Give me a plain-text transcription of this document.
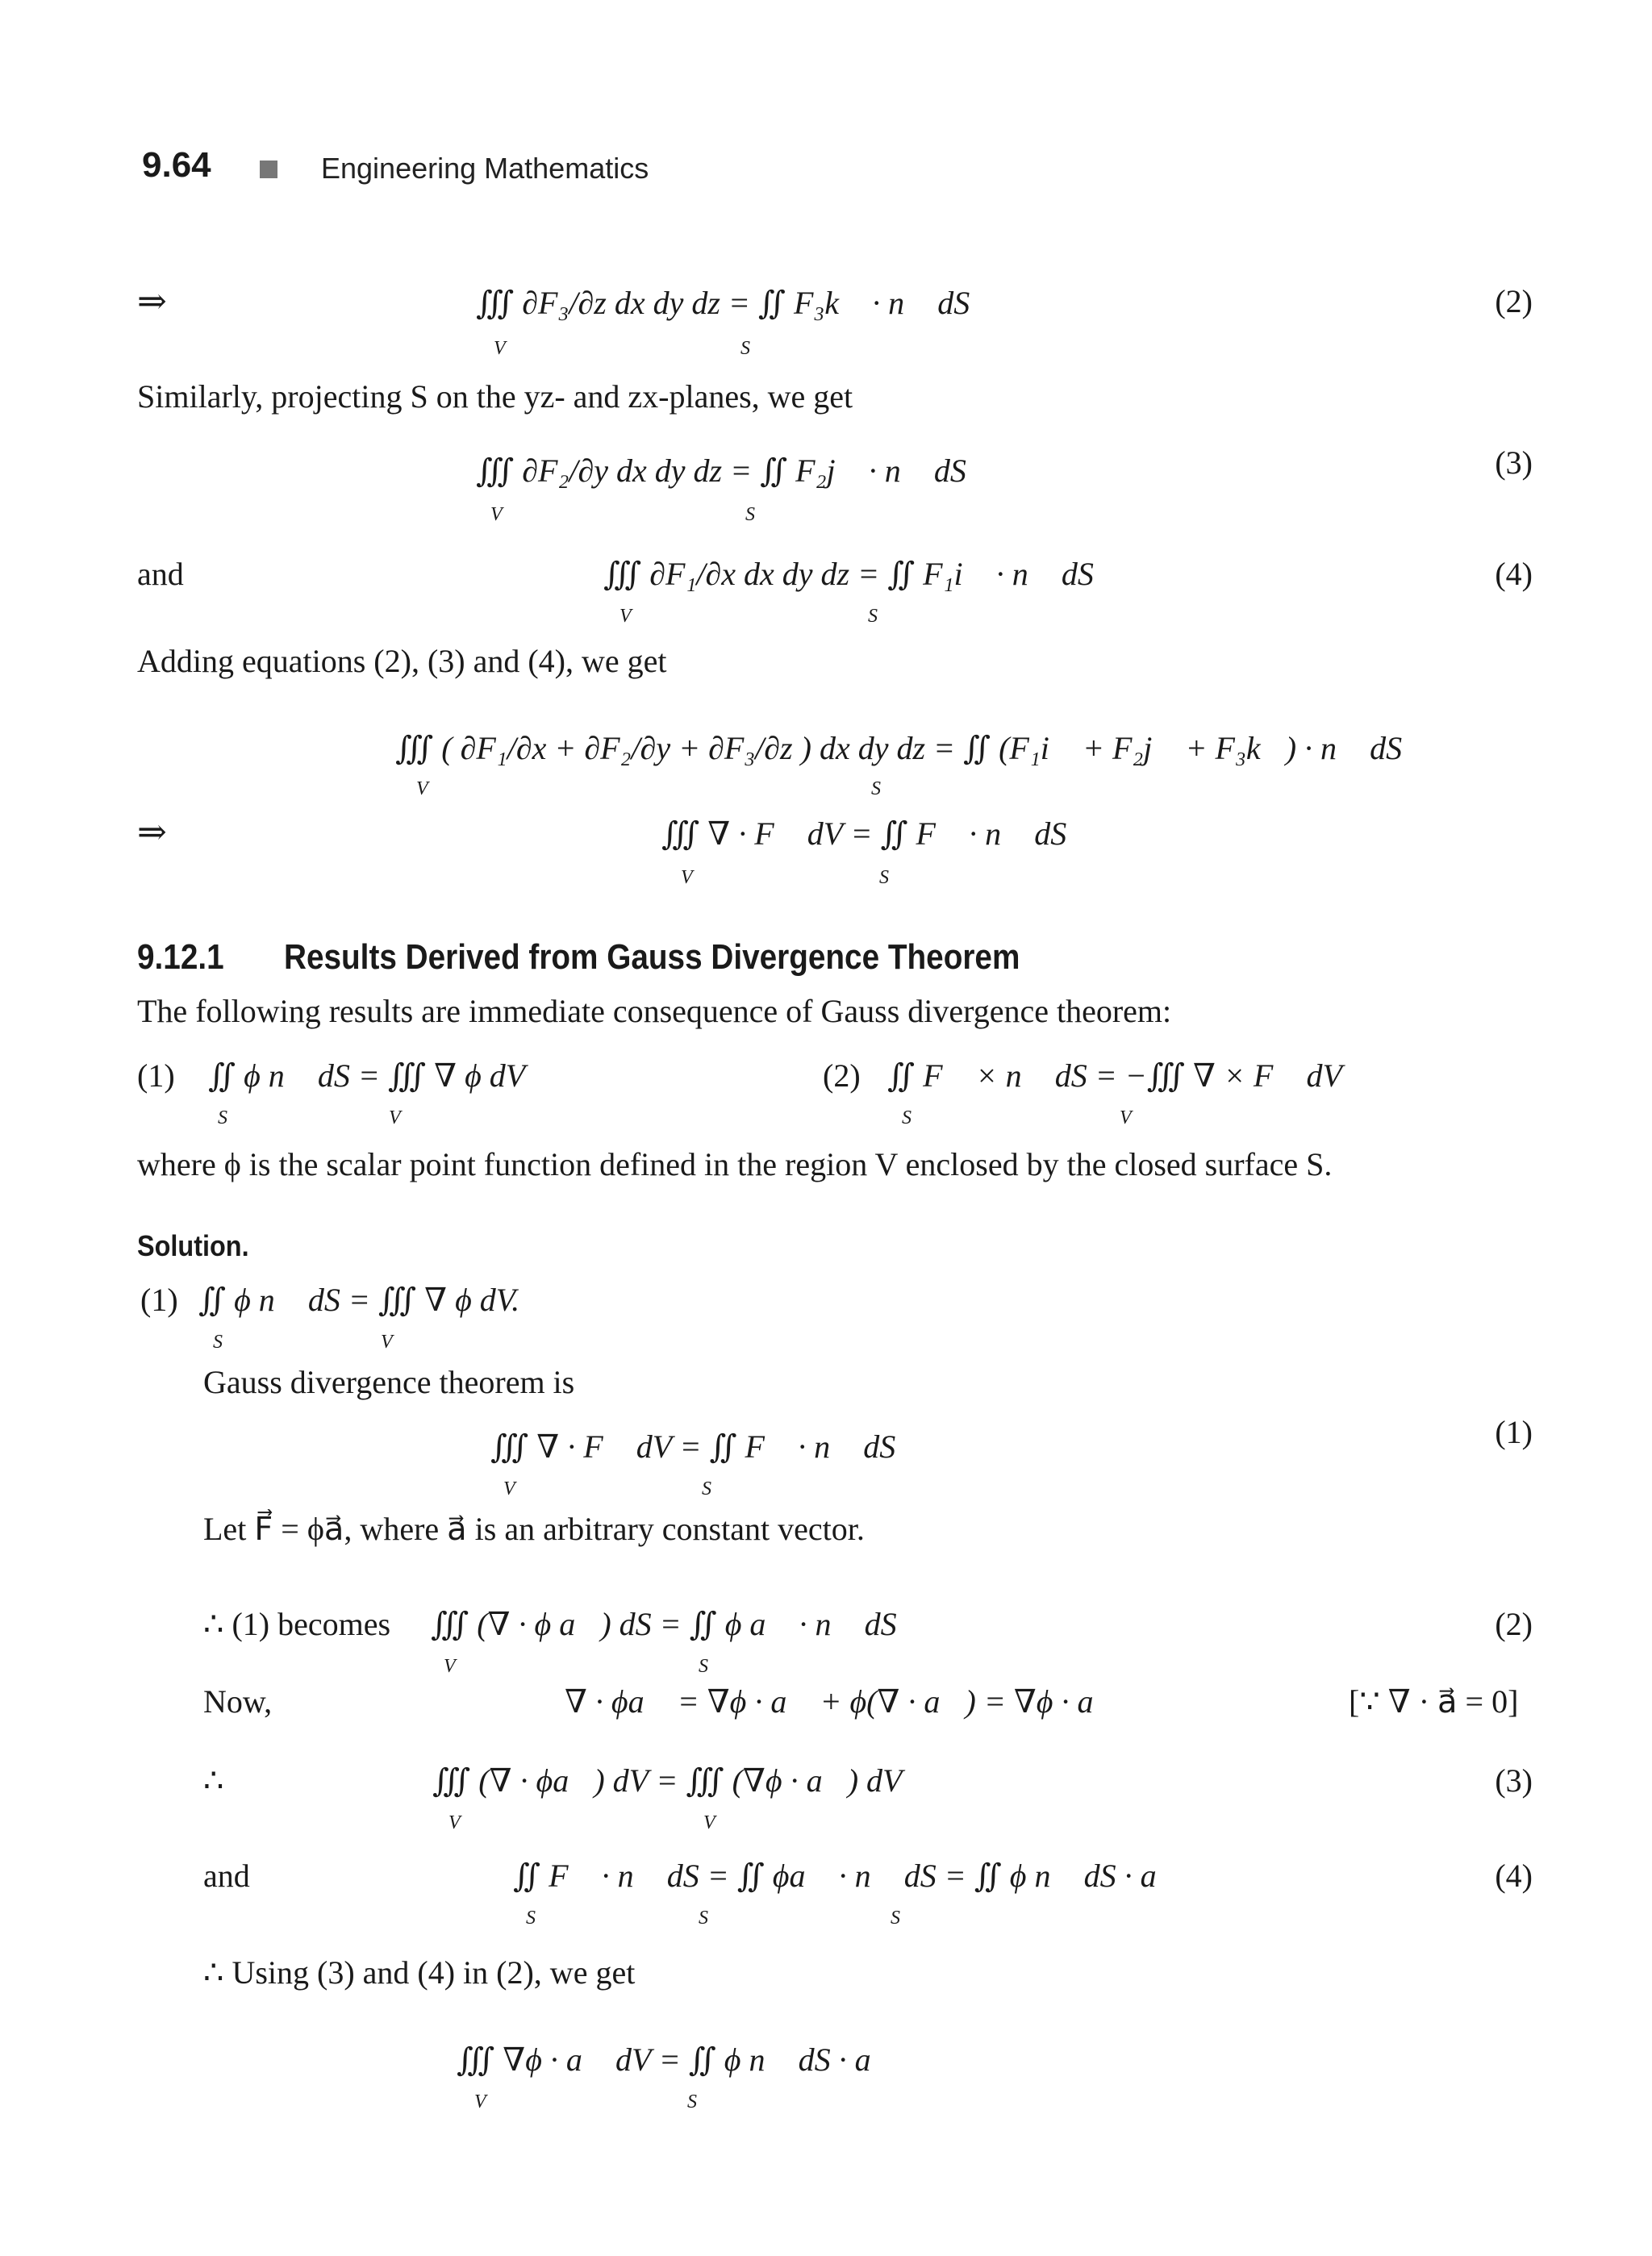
9.64	Engineering Mathematics
⇒	∭ ∂F₃/∂z dx dy dz = ∬ F₃k⃗ · n⃗ dS
V	S
(2)
Similarly, projecting S on the yz- and zx-planes, we get
∭ ∂F₂/∂y dx dy dz = ∬ F₂j⃗ · n⃗ dS
V	S
(3)
and	∭ ∂F₁/∂x dx dy dz = ∬ F₁i⃗ · n⃗ dS
V	S
(4)
Adding equations (2), (3) and (4), we get
∭ ( ∂F₁/∂x + ∂F₂/∂y + ∂F₃/∂z ) dx dy dz = ∬ (F₁i⃗ + F₂j⃗ + F₃k⃗) · n⃗ dS
V	S
⇒	∭ ∇ · F⃗ dV = ∬ F⃗ · n⃗ dS
V	S
9.12.1 Results Derived from Gauss Divergence Theorem
The following results are immediate consequence of Gauss divergence theorem:
(1) ∬ ϕ n⃗ dS = ∭ ∇ ϕ dV
S	V
(2) ∬ F⃗ × n⃗ dS = −∭ ∇ × F⃗ dV
S	V
where ϕ is the scalar point function defined in the region V enclosed by the closed surface S.
Solution.
(1) ∬ ϕ n⃗ dS = ∭ ∇ ϕ dV.
S	V
Gauss divergence theorem is
∭ ∇ · F⃗ dV = ∬ F⃗ · n⃗ dS
V	S
(1)
Let F⃗ = ϕa⃗, where a⃗ is an arbitrary constant vector.
∴ (1) becomes ∭ (∇ · ϕ a⃗) dS = ∬ ϕ a⃗ · n⃗ dS
V	S
(2)
Now,	∇ · ϕa⃗ = ∇ϕ · a⃗ + ϕ(∇ · a⃗) = ∇ϕ · a⃗	[∵ ∇ · a⃗ = 0]
∴	∭ (∇ · ϕa⃗) dV = ∭ (∇ϕ · a⃗) dV
V	V
(3)
and	∬ F⃗ · n⃗ dS = ∬ ϕa⃗ · n⃗ dS = ∬ ϕ n⃗ dS · a⃗
S	S	S
(4)
∴ Using (3) and (4) in (2), we get
∭ ∇ϕ · a⃗ dV = ∬ ϕ n⃗ dS · a⃗
V	S
